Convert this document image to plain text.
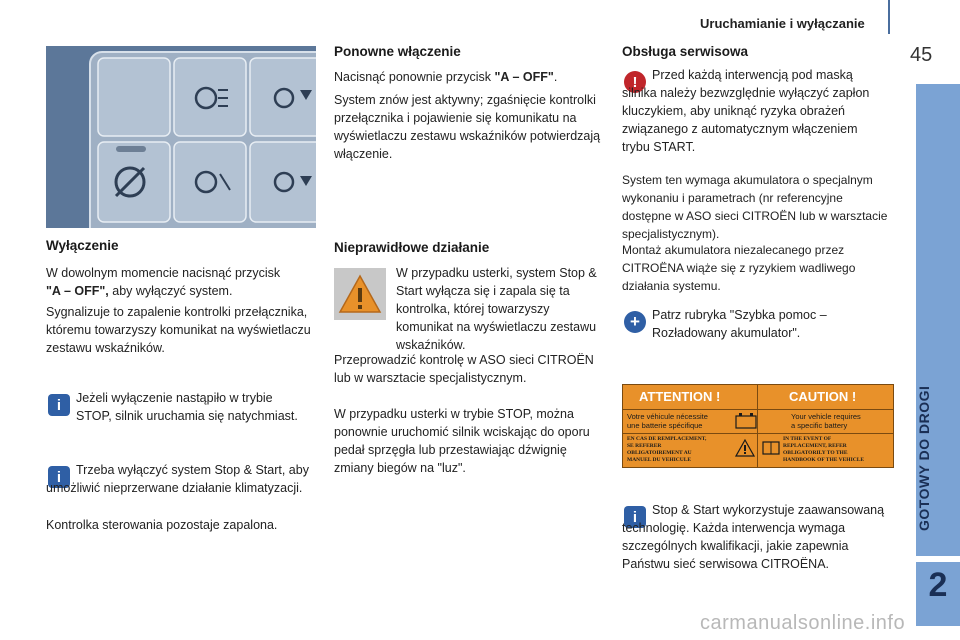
Uruchamianie i wyłączanie
45
GOTOWY DO DROGI
2
Wyłączenie

W dowolnym momencie nacisnąć przycisk
"A – OFF", aby wyłączyć system.

Sygnalizuje to zapalenie kontrolki przełącznika, któremu towarzyszy komunikat na wyświetlaczu zestawu wskaźników.

i	Jeżeli wyłączenie nastąpiło w trybie STOP, silnik uruchamia się natychmiast.

i	Trzeba wyłączyć system Stop & Start, aby umożliwić nieprzerwane działanie klimatyzacji.

Kontrolka sterowania pozostaje zapalona.

Ponowne włączenie

Nacisnąć ponownie przycisk "A – OFF".

System znów jest aktywny; zgaśnięcie kontrolki przełącznika i pojawienie się komunikatu na wyświetlaczu zestawu wskaźników potwierdzają włączenie.

Nieprawidłowe działanie

W przypadku usterki, system Stop & Start wyłącza się i zapala się ta kontrolka, której towarzyszy komunikat na wyświetlaczu zestawu wskaźników.

Przeprowadzić kontrolę w ASO sieci CITROËN lub w warsztacie specjalistycznym.

W przypadku usterki w trybie STOP, można ponownie uruchomić silnik wciskając do oporu pedał sprzęgła lub przestawiając dźwignię zmiany biegów na "luz".

Obsługa serwisowa
!	Przed każdą interwencją pod maską silnika należy bezwzględnie wyłączyć zapłon kluczykiem, aby uniknąć ryzyka obrażeń związanego z automatycznym włączeniem trybu START.

System ten wymaga akumulatora o specjalnym wykonaniu i parametrach (nr referencyjne dostępne w ASO sieci CITROËN lub w warsztacie specjalistycznym).

Montaż akumulatora niezalecanego przez CITROËNA wiąże się z ryzykiem wadliwego działania systemu.

+ Patrz rubryka "Szybka pomoc – Rozładowany akumulator".

ATTENTION !	CAUTION !
Votre véhicule nécessite
une batterie spécifique
Your vehicle requires
a specific battery
EN CAS DE REMPLACEMENT,
SE REFERER
OBLIGATOIREMENT AU
MANUEL DU VEHICULE
IN THE EVENT OF
REPLACEMENT, REFER
OBLIGATORILY TO THE
HANDBOOK OF THE VEHICLE
i	Stop & Start wykorzystuje zaawansowaną technologię. Każda interwencja wymaga szczególnych kwalifikacji, jakie zapewnia Państwu sieć serwisowa CITROËNA.

carmanualsonline.info
